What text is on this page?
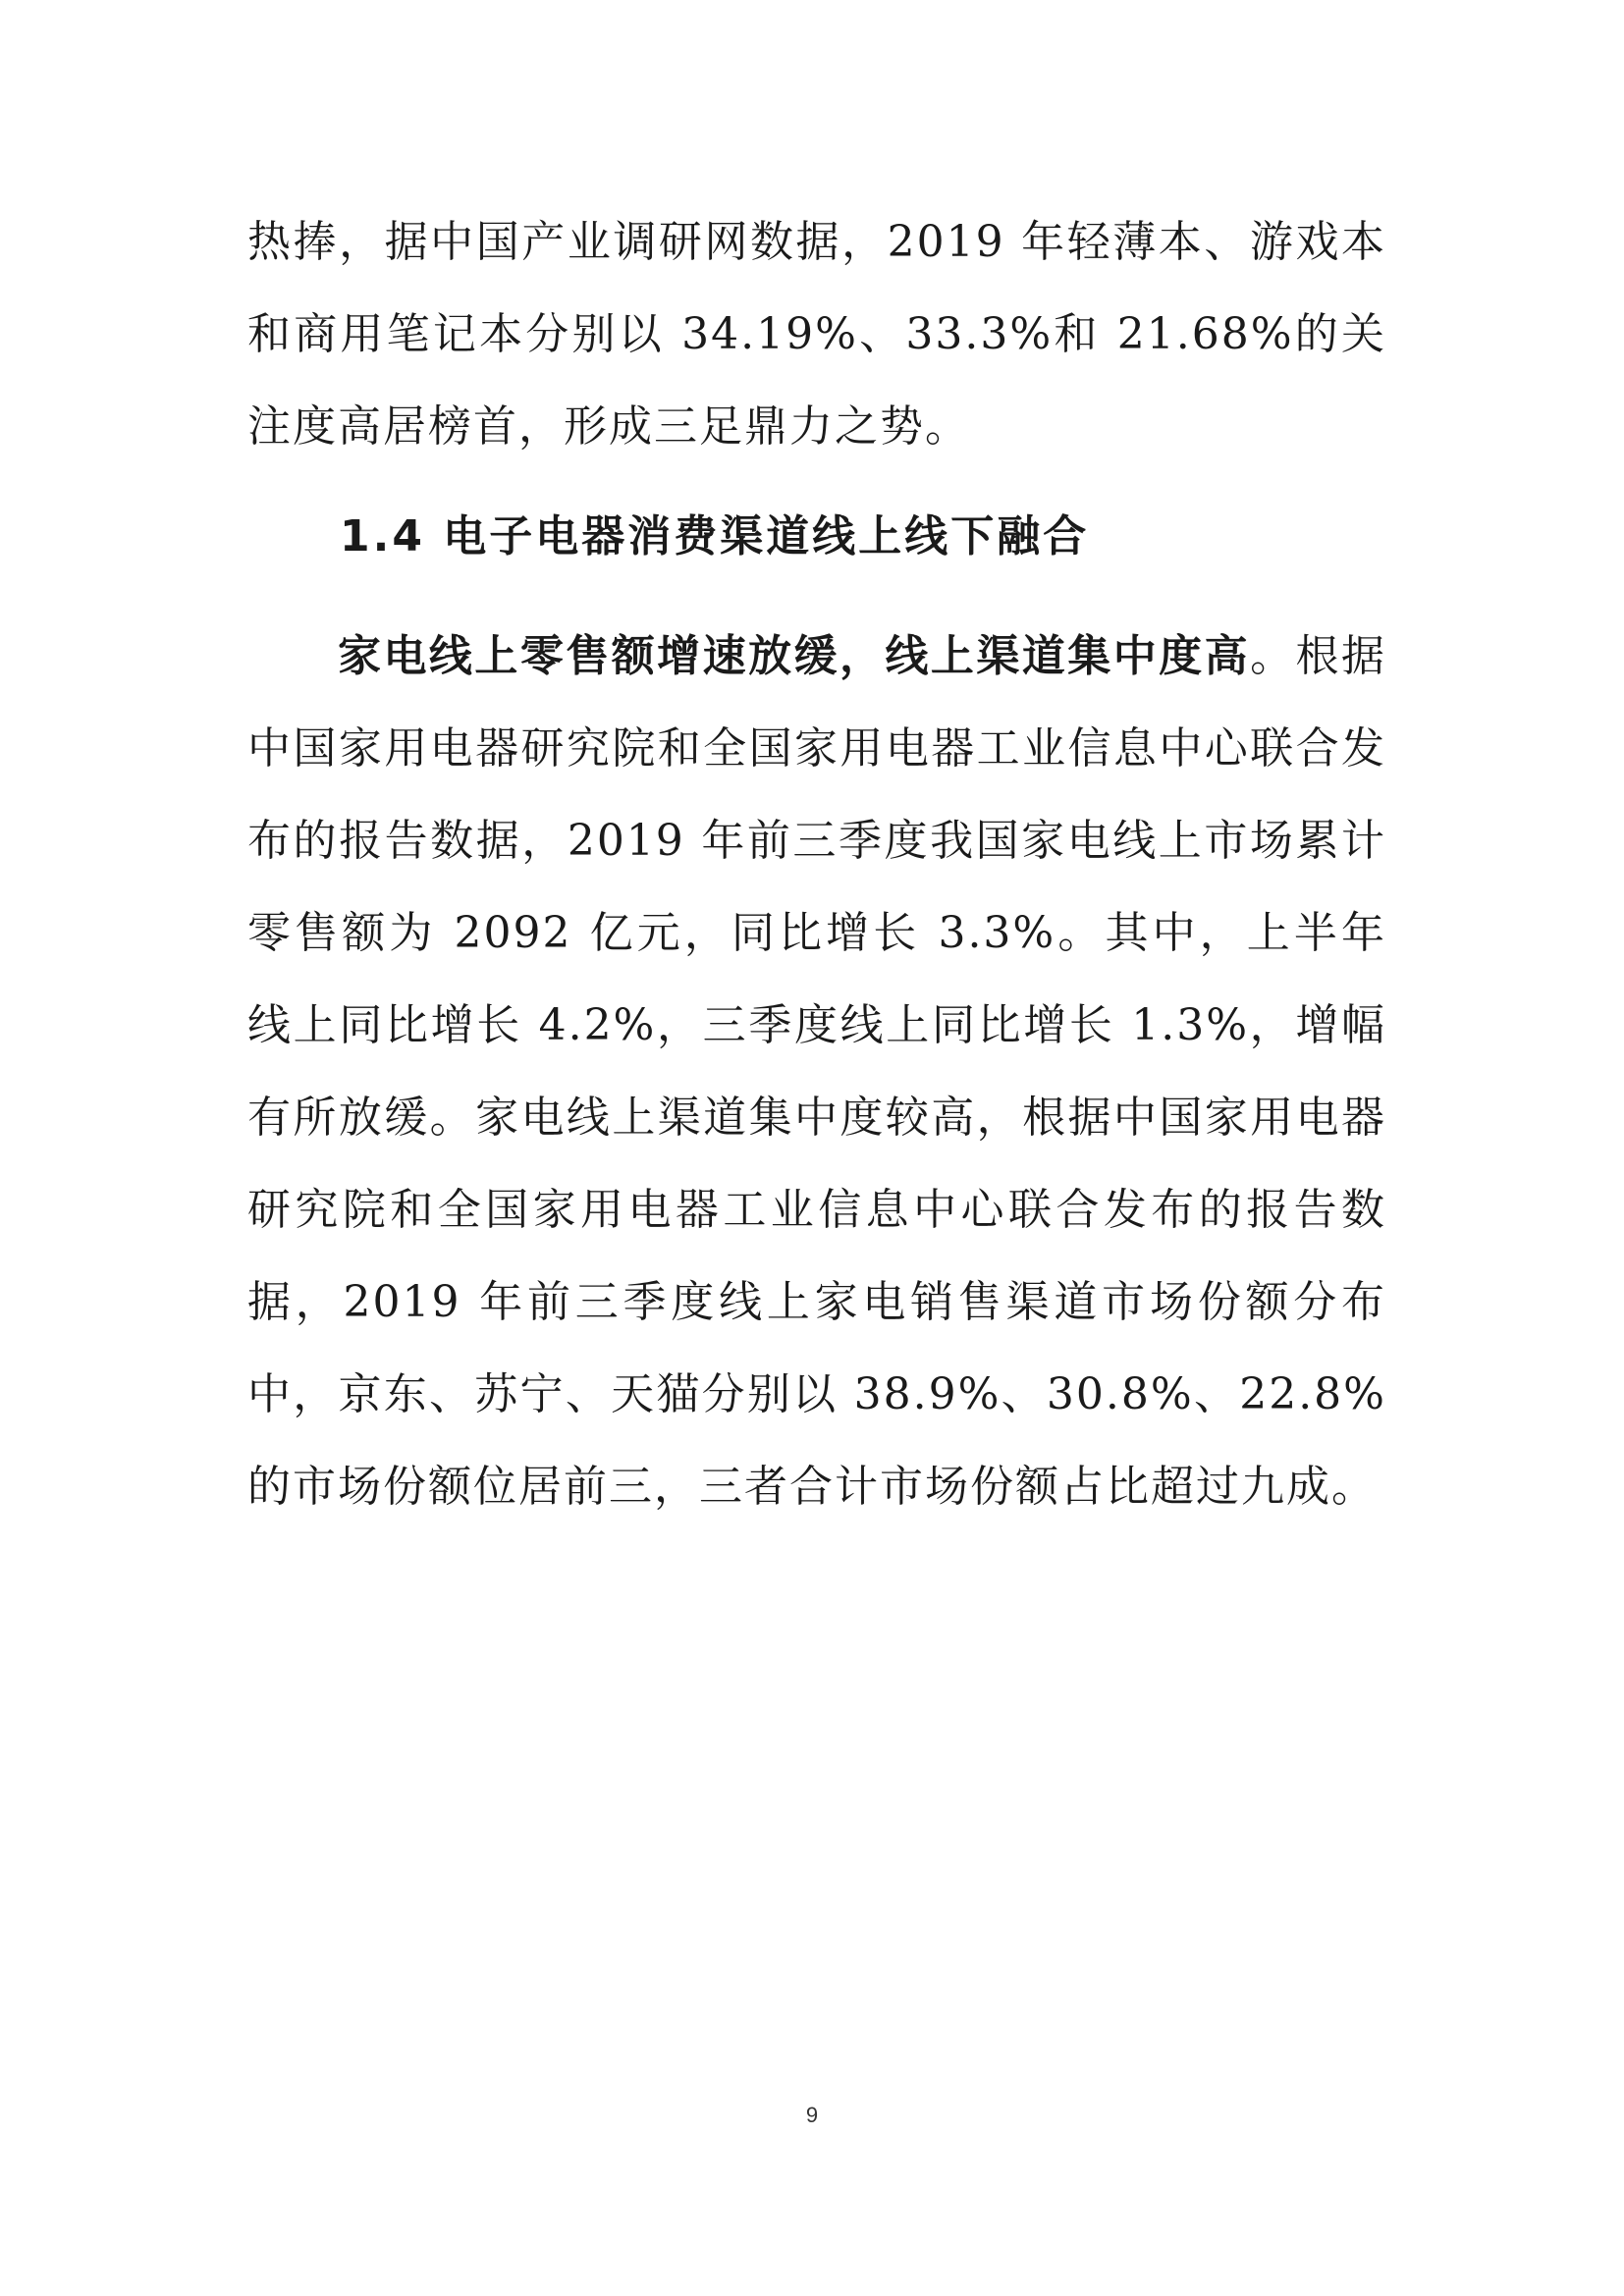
热捧，据中国产业调研网数据，2019 年轻薄本、游戏本和商用笔记本分别以 34.19%、33.3%和 21.68%的关注度高居榜首，形成三足鼎力之势。

1.4 电子电器消费渠道线上线下融合

家电线上零售额增速放缓，线上渠道集中度高。根据中国家用电器研究院和全国家用电器工业信息中心联合发布的报告数据，2019 年前三季度我国家电线上市场累计零售额为 2092 亿元，同比增长 3.3%。其中，上半年线上同比增长 4.2%，三季度线上同比增长 1.3%，增幅有所放缓。家电线上渠道集中度较高，根据中国家用电器研究院和全国家用电器工业信息中心联合发布的报告数据，2019 年前三季度线上家电销售渠道市场份额分布中，京东、苏宁、天猫分别以 38.9%、30.8%、22.8%的市场份额位居前三，三者合计市场份额占比超过九成。

9
